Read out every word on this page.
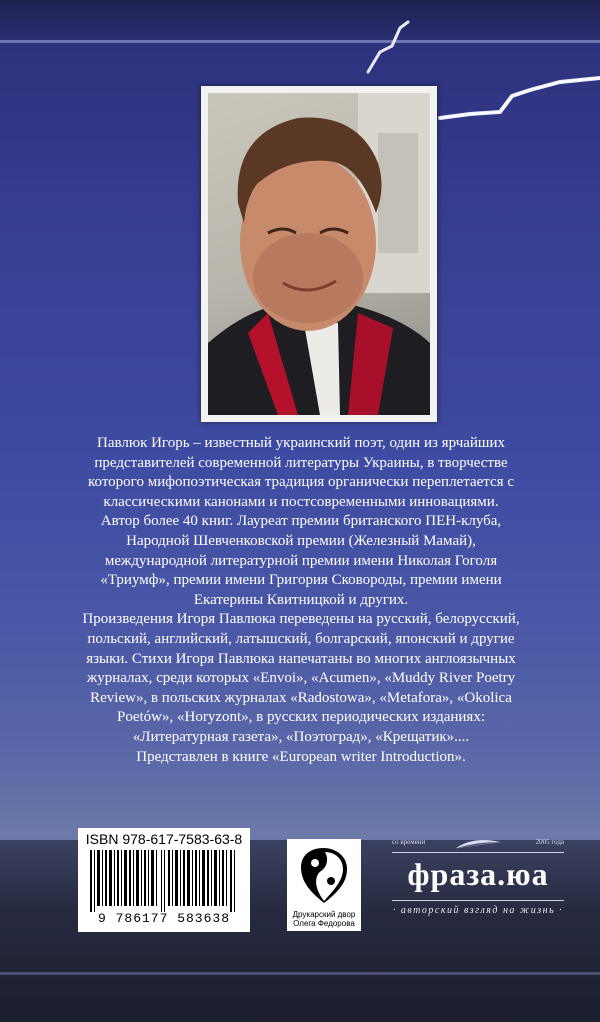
Павлюк Игорь – известный украинский поэт, один из ярчайших представителей современной литературы Украины, в творчестве которого мифопоэтическая традиция органически переплетается с классическими канонами и постсовременными инновациями.

Автор более 40 книг. Лауреат премии британского ПЕН-клуба, Народной Шевченковской премии (Железный Мамай), международной литературной премии имени Николая Гоголя «Триумф», премии имени Григория Сковороды, премии имени Екатерины Квитницкой и других.

Произведения Игоря Павлюка переведены на русский, белорусский, польский, английский, латышский, болгарский, японский и другие языки. Стихи Игоря Павлюка напечатаны во многих англоязычных журналах, среди которых «Envoi», «Acumen», «Muddy River Poetry Review», в польских журналах «Radostowa», «Metafora», «Okolica Poetów», «Horyzont», в русских периодических изданиях: «Литературная газета», «Поэтоград», «Крещатик»....

Представлен в книге «European writer Introduction».

ISBN 978-617-7583-63-8
9 786177 583638	Друкарский двор
Олега Федорова
со времени	2005 года
фраза.юа
· авторский взгляд на жизнь ·
